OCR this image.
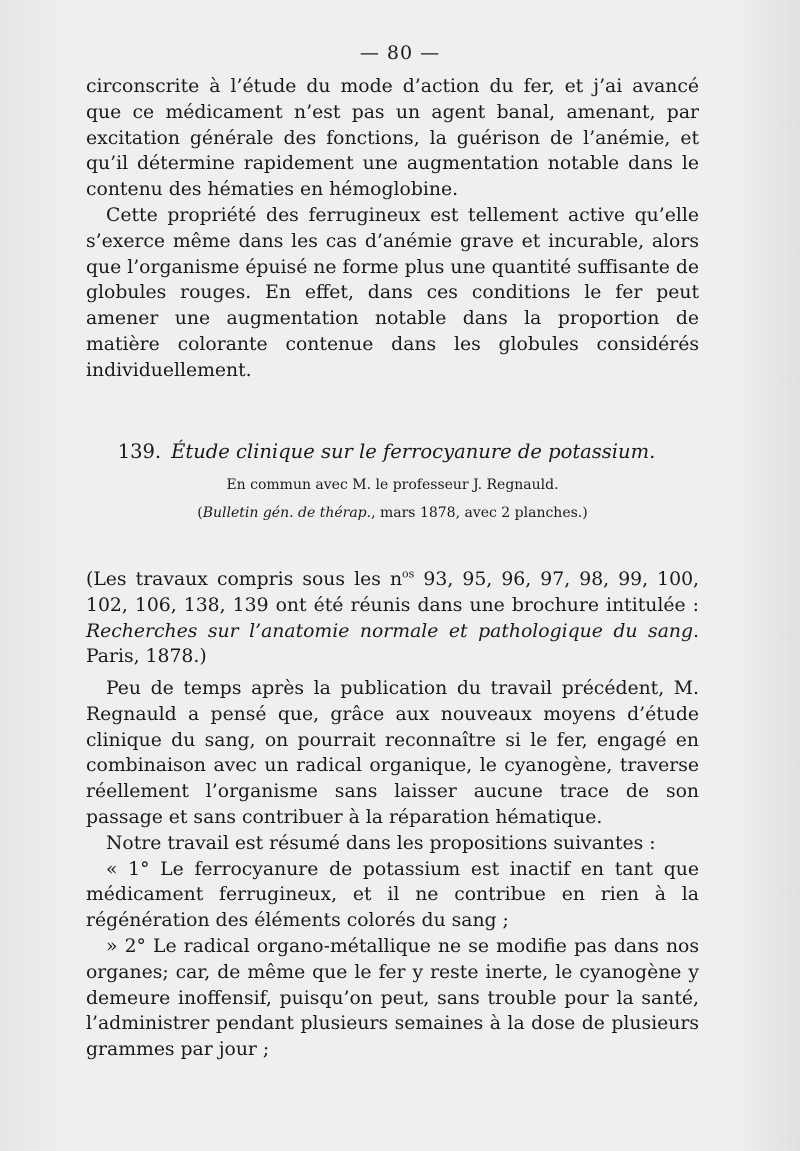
— 80 —

circonscrite à l’étude du mode d’action du fer, et j’ai avancé que ce médicament n’est pas un agent banal, amenant, par excitation générale des fonctions, la guérison de l’anémie, et qu’il détermine rapidement une augmentation notable dans le contenu des hématies en hémoglobine.

Cette propriété des ferrugineux est tellement active qu’elle s’exerce même dans les cas d’anémie grave et incurable, alors que l’organisme épuisé ne forme plus une quantité suffisante de globules rouges. En effet, dans ces conditions le fer peut amener une augmentation notable dans la proportion de matière colorante contenue dans les globules considérés individuellement.

139. Étude clinique sur le ferrocyanure de potassium.
En commun avec M. le professeur J. Regnauld.
(Bulletin gén. de thérap., mars 1878, avec 2 planches.)

(Les travaux compris sous les $n^{os}$ 93, 95, 96, 97, 98, 99, 100, 102, 106, 138, 139 ont été réunis dans une brochure intitulée : Recherches sur l’anatomie normale et pathologique du sang. Paris, 1878.)

Peu de temps après la publication du travail précédent, M. Regnauld a pensé que, grâce aux nouveaux moyens d’étude clinique du sang, on pourrait reconnaître si le fer, engagé en combinaison avec un radical organique, le cyanogène, traverse réellement l’organisme sans laisser aucune trace de son passage et sans contribuer à la réparation hématique.

Notre travail est résumé dans les propositions suivantes :

« 1° Le ferrocyanure de potassium est inactif en tant que médicament ferrugineux, et il ne contribue en rien à la régénération des éléments colorés du sang ;

» 2° Le radical organo-métallique ne se modifie pas dans nos organes; car, de même que le fer y reste inerte, le cyanogène y demeure inoffensif, puisqu’on peut, sans trouble pour la santé, l’administrer pendant plusieurs semaines à la dose de plusieurs grammes par jour ;
